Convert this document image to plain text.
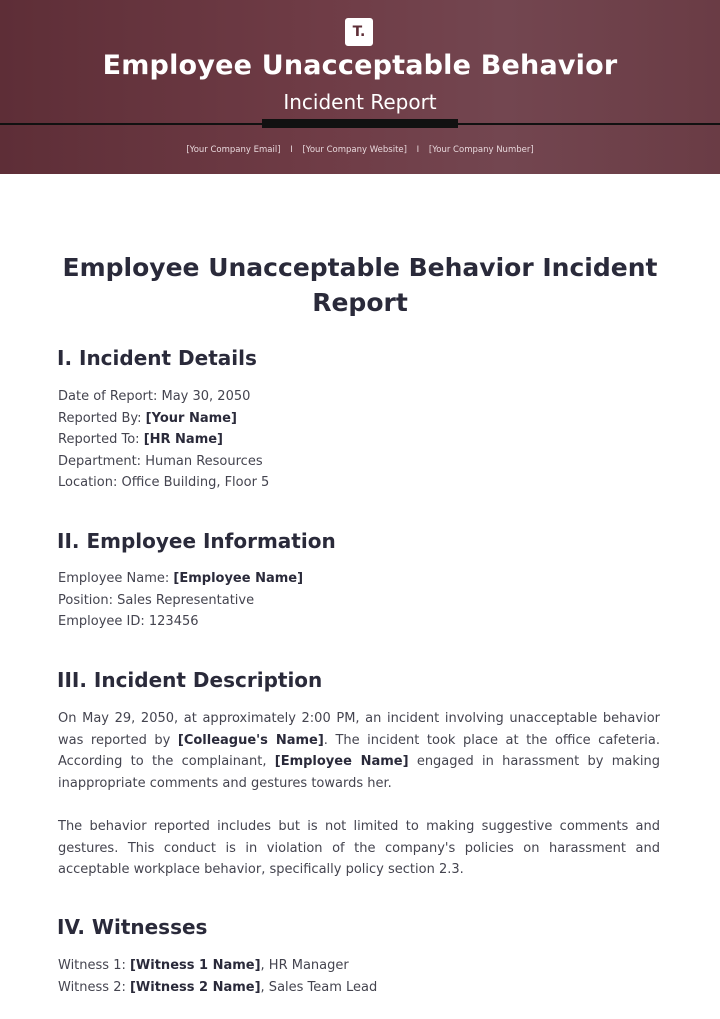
T.
Employee Unacceptable Behavior
Incident Report
[Your Company Email] I [Your Company Website] I [Your Company Number]
Employee Unacceptable Behavior Incident Report
I. Incident Details
Date of Report: May 30, 2050
Reported By: [Your Name]
Reported To: [HR Name]
Department: Human Resources
Location: Office Building, Floor 5
II. Employee Information
Employee Name: [Employee Name]
Position: Sales Representative
Employee ID: 123456
III. Incident Description
On May 29, 2050, at approximately 2:00 PM, an incident involving unacceptable behavior was reported by [Colleague's Name]. The incident took place at the office cafeteria. According to the complainant, [Employee Name] engaged in harassment by making inappropriate comments and gestures towards her.
The behavior reported includes but is not limited to making suggestive comments and gestures. This conduct is in violation of the company's policies on harassment and acceptable workplace behavior, specifically policy section 2.3.
IV. Witnesses
Witness 1: [Witness 1 Name], HR Manager
Witness 2: [Witness 2 Name], Sales Team Lead
